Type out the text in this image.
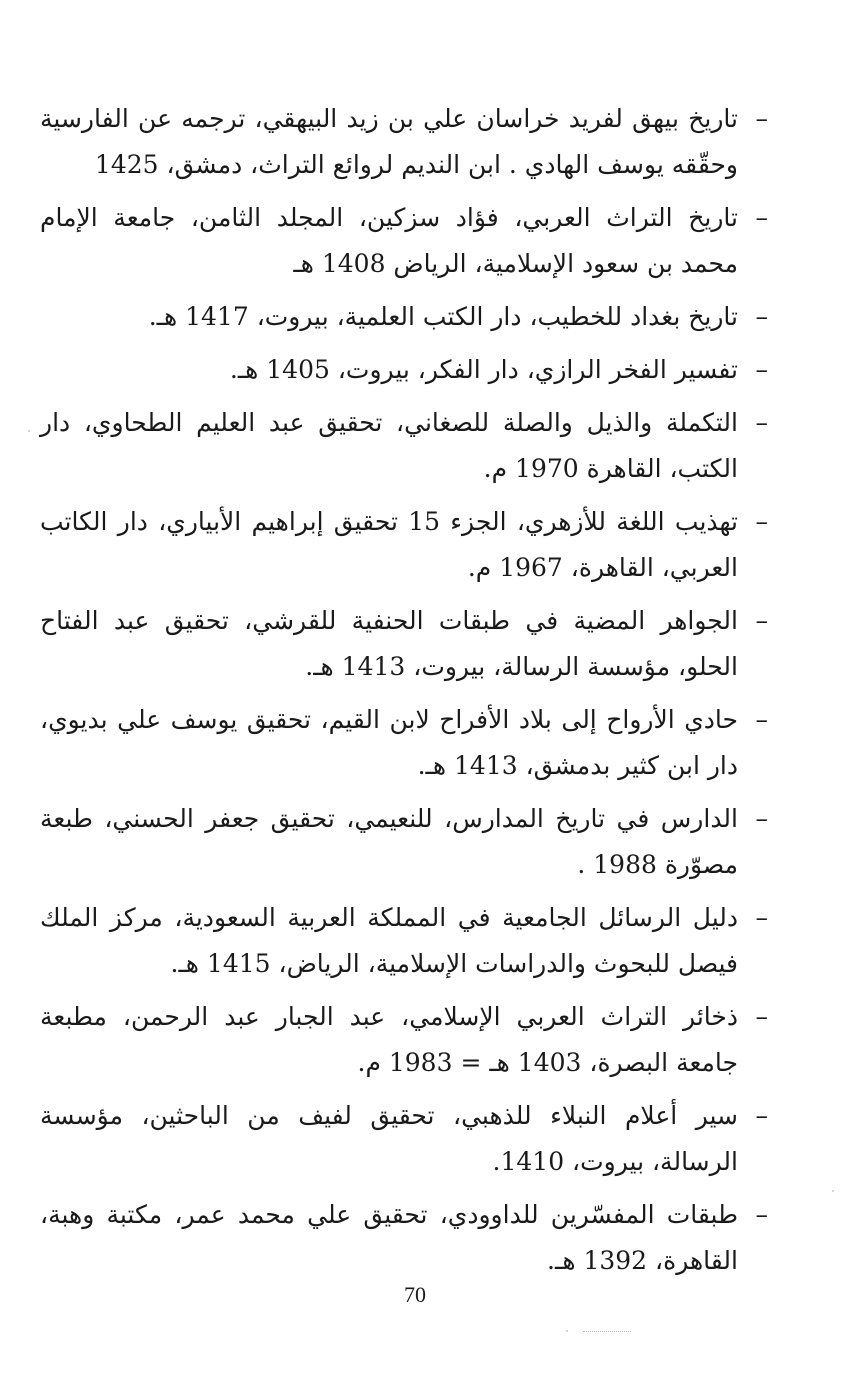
–
تاريخ بيهق لفريد خراسان علي بن زيد البيهقي، ترجمه عن الفارسية وحقّقه يوسف الهادي . ابن النديم لروائع التراث، دمشق، 1425
–
تاريخ التراث العربي، فؤاد سزكين، المجلد الثامن، جامعة الإمام محمد بن سعود الإسلامية، الرياض 1408 هـ
–
تاريخ بغداد للخطيب، دار الكتب العلمية، بيروت، 1417 هـ.
–
تفسير الفخر الرازي، دار الفكر، بيروت، 1405 هـ.
–
التكملة والذيل والصلة للصغاني، تحقيق عبد العليم الطحاوي، دار الكتب، القاهرة 1970 م.
–
تهذيب اللغة للأزهري، الجزء 15 تحقيق إبراهيم الأبياري، دار الكاتب العربي، القاهرة، 1967 م.
–
الجواهر المضية في طبقات الحنفية للقرشي، تحقيق عبد الفتاح الحلو، مؤسسة الرسالة، بيروت، 1413 هـ.
–
حادي الأرواح إلى بلاد الأفراح لابن القيم، تحقيق يوسف علي بديوي، دار ابن كثير بدمشق، 1413 هـ.
–
الدارس في تاريخ المدارس، للنعيمي، تحقيق جعفر الحسني، طبعة مصوّرة 1988 .
–
دليل الرسائل الجامعية في المملكة العربية السعودية، مركز الملك فيصل للبحوث والدراسات الإسلامية، الرياض، 1415 هـ.
–
ذخائر التراث العربي الإسلامي، عبد الجبار عبد الرحمن، مطبعة جامعة البصرة، 1403 هـ = 1983 م.
–
سير أعلام النبلاء للذهبي، تحقيق لفيف من الباحثين، مؤسسة الرسالة، بيروت، 1410.
–
طبقات المفسّرين للداوودي، تحقيق علي محمد عمر، مكتبة وهبة، القاهرة، 1392 هـ.
70
